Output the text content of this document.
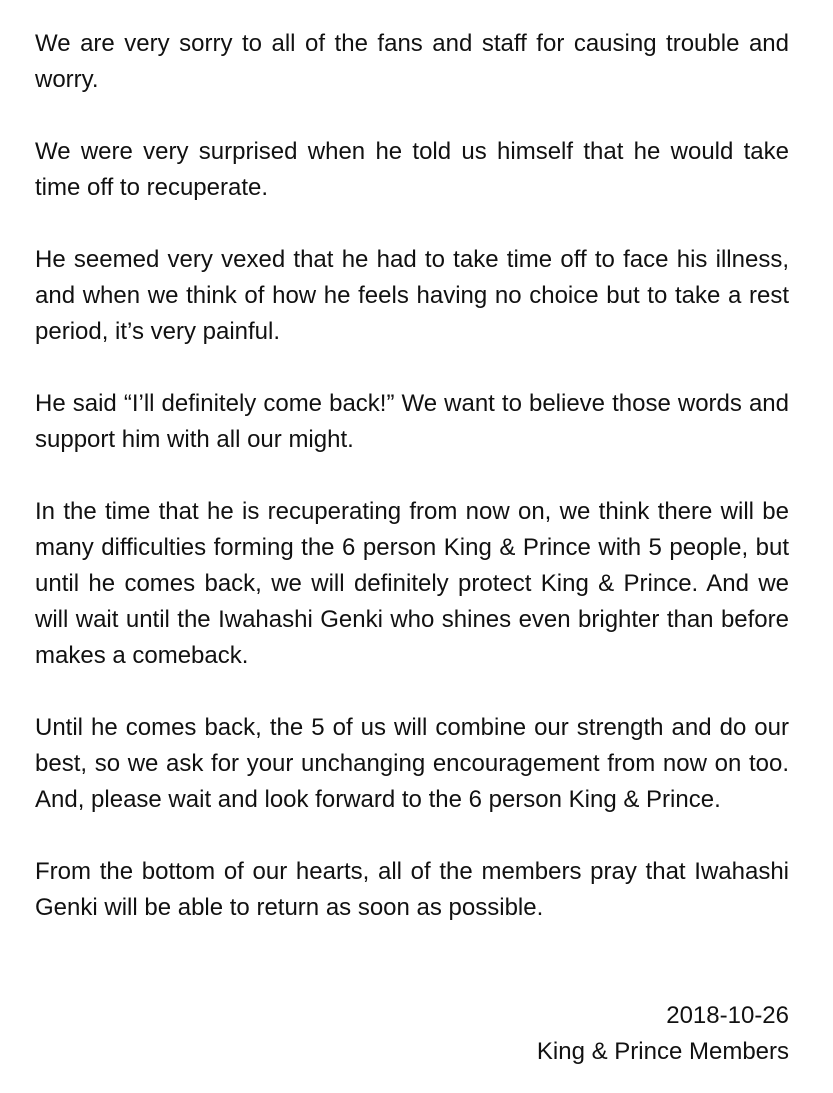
We are very sorry to all of the fans and staff for causing trouble and worry.

We were very surprised when he told us himself that he would take time off to recuperate.

He seemed very vexed that he had to take time off to face his illness, and when we think of how he feels having no choice but to take a rest period, it’s very painful.

He said “I’ll definitely come back!” We want to believe those words and support him with all our might.

In the time that he is recuperating from now on, we think there will be many difficulties forming the 6 person King & Prince with 5 people, but until he comes back, we will definitely protect King & Prince. And we will wait until the Iwahashi Genki who shines even brighter than before makes a comeback.

Until he comes back, the 5 of us will combine our strength and do our best, so we ask for your unchanging encouragement from now on too. And, please wait and look forward to the 6 person King & Prince.

From the bottom of our hearts, all of the members pray that Iwahashi Genki will be able to return as soon as possible.

2018-10-26
King & Prince Members
